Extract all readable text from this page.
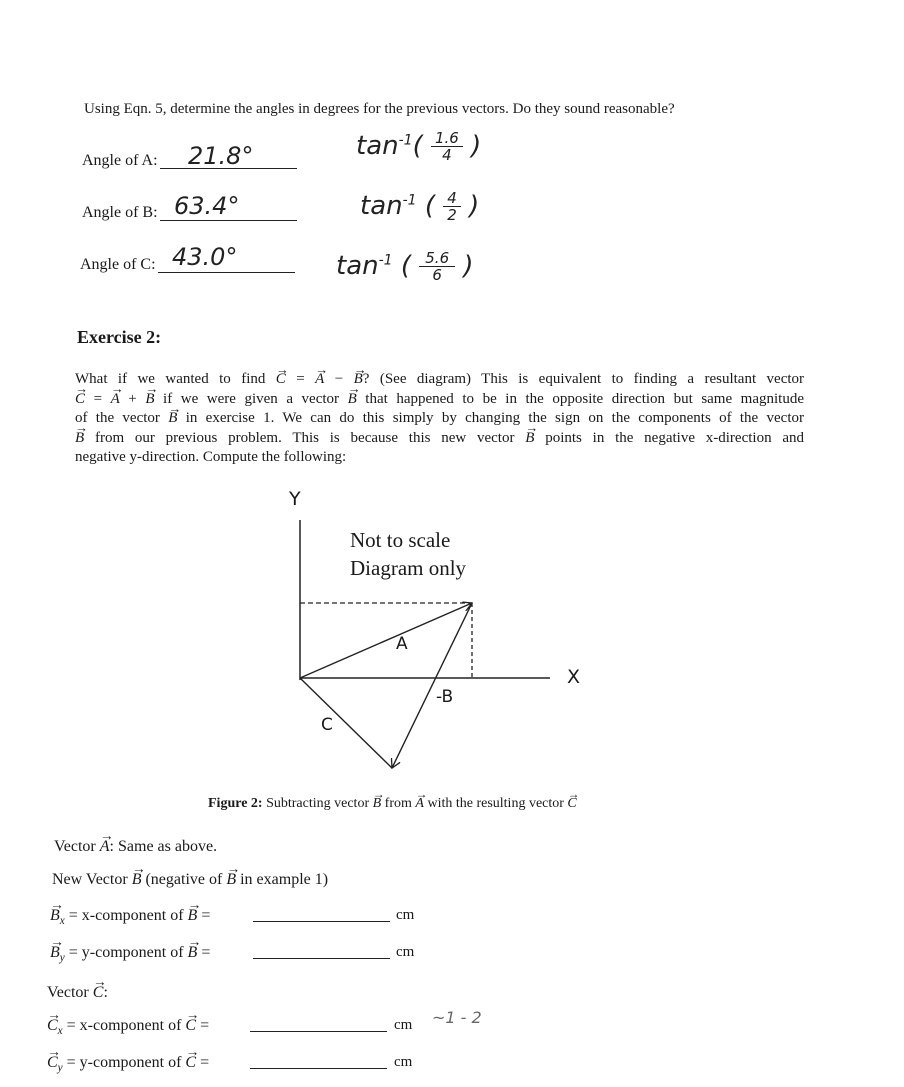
Using Eqn. 5, determine the angles in degrees for the previous vectors. Do they sound reasonable?
Angle of A: 21.8°	$\tan^{-1}( \frac{1.6}{4}$ )
Angle of B: 63.4°	$\tan^{-1}$ ( $\frac{4}{2}$ )
Angle of C: 43.0°	$\tan^{-1}$ ( $\frac{5.6}{6}$ )
Exercise 2:
What if we wanted to find → C = → A − → B? (See diagram) This is equivalent to finding a resultant vector
→ C = → A + → B if we were given a vector → B that happened to be in the opposite direction but same magnitude
of the vector → B in exercise 1. We can do this simply by changing the sign on the components of the vector
→ B from our previous problem. This is because this new vector → B points in the negative x-direction and
negative y-direction. Compute the following:
Y
X
Not to scale
Diagram only
A
-B
C
Figure 2: Subtracting vector → B from → A with the resulting vector → C
Vector → A: Same as above.
New Vector → B (negative of → B in example 1)
→ $B_x$ = x-component of → B =	cm
→ $B_y$ = y-component of → B =	cm
Vector → C:
→ $C_x$ = x-component of → C =	cm ~1 - 2
→ $C_y$ = y-component of → C =	cm
